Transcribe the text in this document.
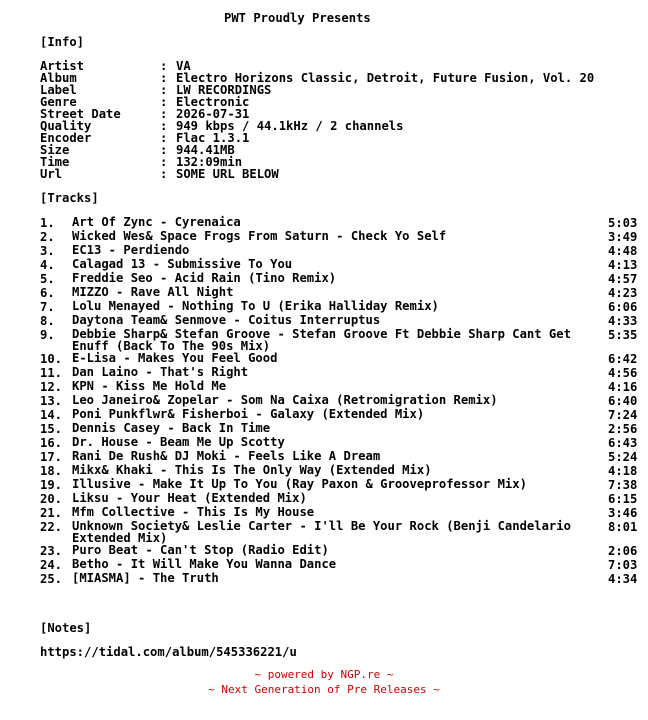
PWT Proudly Presents
[Info]
Artist	: VA
Album	: Electro Horizons Classic, Detroit, Future Fusion, Vol. 20
Label	: LW RECORDINGS
Genre	: Electronic
Street Date	: 2026-07-31
Quality	: 949 kbps / 44.1kHz / 2 channels
Encoder	: Flac 1.3.1
Size	: 944.41MB
Time	: 132:09min
Url	: SOME URL BELOW
[Tracks]
1.	Art Of Zync - Cyrenaica	5:03
2.	Wicked Wes& Space Frogs From Saturn - Check Yo Self	3:49
3.	EC13 - Perdiendo	4:48
4.	Calagad 13 - Submissive To You	4:13
5.	Freddie Seo - Acid Rain (Tino Remix)	4:57
6.	MIZZO - Rave All Night	4:23
7.	Lolu Menayed - Nothing To U (Erika Halliday Remix)	6:06
8.	Daytona Team& Senmove - Coitus Interruptus	4:33
9.	Debbie Sharp& Stefan Groove - Stefan Groove Ft Debbie Sharp Cant Get Enuff (Back To The 90s Mix)
5:35
10. E-Lisa - Makes You Feel Good	6:42
11. Dan Laino - That's Right	4:56
12. KPN - Kiss Me Hold Me	4:16
13. Leo Janeiro& Zopelar - Som Na Caixa (Retromigration Remix)	6:40
14. Poni Punkflwr& Fisherboi - Galaxy (Extended Mix)	7:24
15. Dennis Casey - Back In Time	2:56
16. Dr. House - Beam Me Up Scotty	6:43
17. Rani De Rush& DJ Moki - Feels Like A Dream	5:24
18. Mikx& Khaki - This Is The Only Way (Extended Mix)	4:18
19. Illusive - Make It Up To You (Ray Paxon & Grooveprofessor Mix)	7:38
20. Liksu - Your Heat (Extended Mix)	6:15
21. Mfm Collective - This Is My House	3:46
22. Unknown Society& Leslie Carter - I'll Be Your Rock (Benji Candelario Extended Mix)
8:01
23. Puro Beat - Can't Stop (Radio Edit)	2:06
24. Betho - It Will Make You Wanna Dance	7:03
25. [MIASMA] - The Truth	4:34
[Notes]
https://tidal.com/album/545336221/u
~ powered by NGP.re ~
~ Next Generation of Pre Releases ~
